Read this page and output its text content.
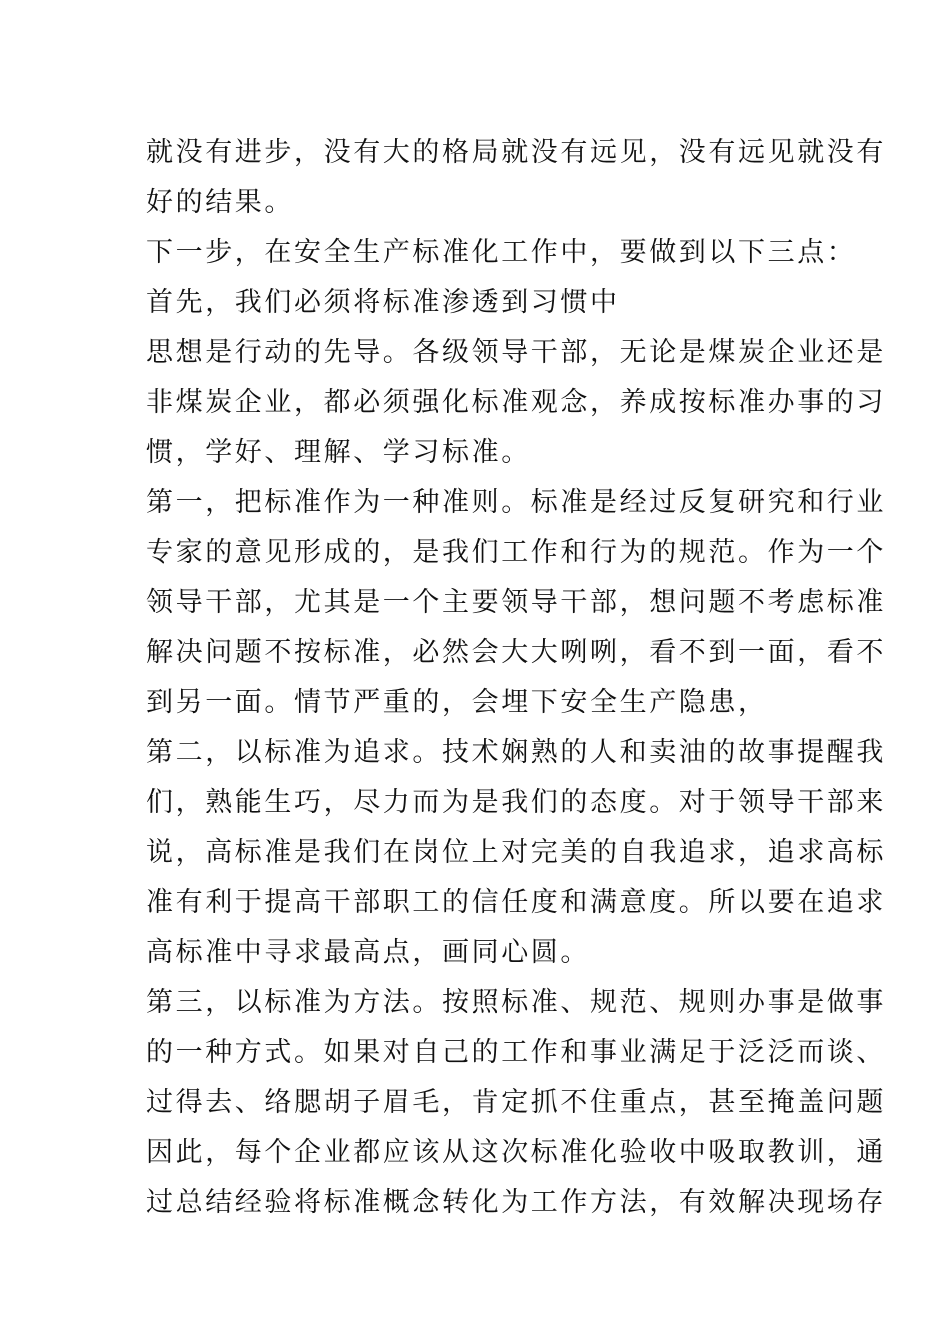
就没有进步，没有大的格局就没有远见，没有远见就没有
好的结果。
下一步，在安全生产标准化工作中，要做到以下三点：
首先，我们必须将标准渗透到习惯中
思想是行动的先导。各级领导干部，无论是煤炭企业还是
非煤炭企业，都必须强化标准观念，养成按标准办事的习
惯，学好、理解、学习标准。
第一，把标准作为一种准则。标准是经过反复研究和行业
专家的意见形成的，是我们工作和行为的规范。作为一个
领导干部，尤其是一个主要领导干部，想问题不考虑标准
解决问题不按标准，必然会大大咧咧，看不到一面，看不
到另一面。情节严重的，会埋下安全生产隐患，
第二，以标准为追求。技术娴熟的人和卖油的故事提醒我
们，熟能生巧，尽力而为是我们的态度。对于领导干部来
说，高标准是我们在岗位上对完美的自我追求，追求高标
准有利于提高干部职工的信任度和满意度。所以要在追求
高标准中寻求最高点，画同心圆。
第三，以标准为方法。按照标准、规范、规则办事是做事
的一种方式。如果对自己的工作和事业满足于泛泛而谈、
过得去、络腮胡子眉毛，肯定抓不住重点，甚至掩盖问题
因此，每个企业都应该从这次标准化验收中吸取教训，通
过总结经验将标准概念转化为工作方法，有效解决现场存
